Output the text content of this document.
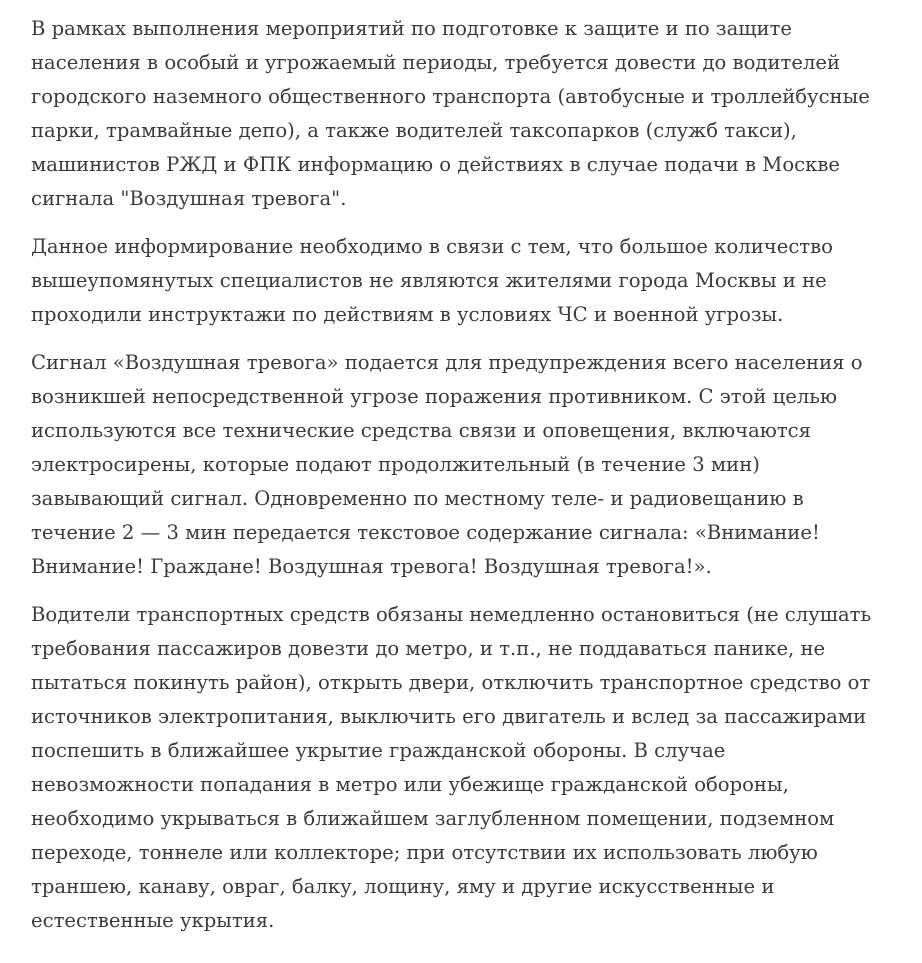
В рамках выполнения мероприятий по подготовке к защите и по защите
населения в особый и угрожаемый периоды, требуется довести до водителей
городского наземного общественного транспорта (автобусные и троллейбусные
парки, трамвайные депо), а также водителей таксопарков (служб такси),
машинистов РЖД и ФПК информацию о действиях в случае подачи в Москве
сигнала "Воздушная тревога".

Данное информирование необходимо в связи с тем, что большое количество
вышеупомянутых специалистов не являются жителями города Москвы и не
проходили инструктажи по действиям в условиях ЧС и военной угрозы.

Сигнал «Воздушная тревога» подается для предупреждения всего населения о
возникшей непосредственной угрозе поражения противником. С этой целью
используются все технические средства связи и оповещения, включаются
электросирены, которые подают продолжительный (в течение 3 мин)
завывающий сигнал. Одновременно по местному теле- и радиовещанию в
течение 2 — 3 мин передается текстовое содержание сигнала: «Внимание!
Внимание! Граждане! Воздушная тревога! Воздушная тревога!».

Водители транспортных средств обязаны немедленно остановиться (не слушать
требования пассажиров довезти до метро, и т.п., не поддаваться панике, не
пытаться покинуть район), открыть двери, отключить транспортное средство от
источников электропитания, выключить его двигатель и вслед за пассажирами
поспешить в ближайшее укрытие гражданской обороны. В случае
невозможности попадания в метро или убежище гражданской обороны,
необходимо укрываться в ближайшем заглубленном помещении, подземном
переходе, тоннеле или коллекторе; при отсутствии их использовать любую
траншею, канаву, овраг, балку, лощину, яму и другие искусственные и
естественные укрытия.
